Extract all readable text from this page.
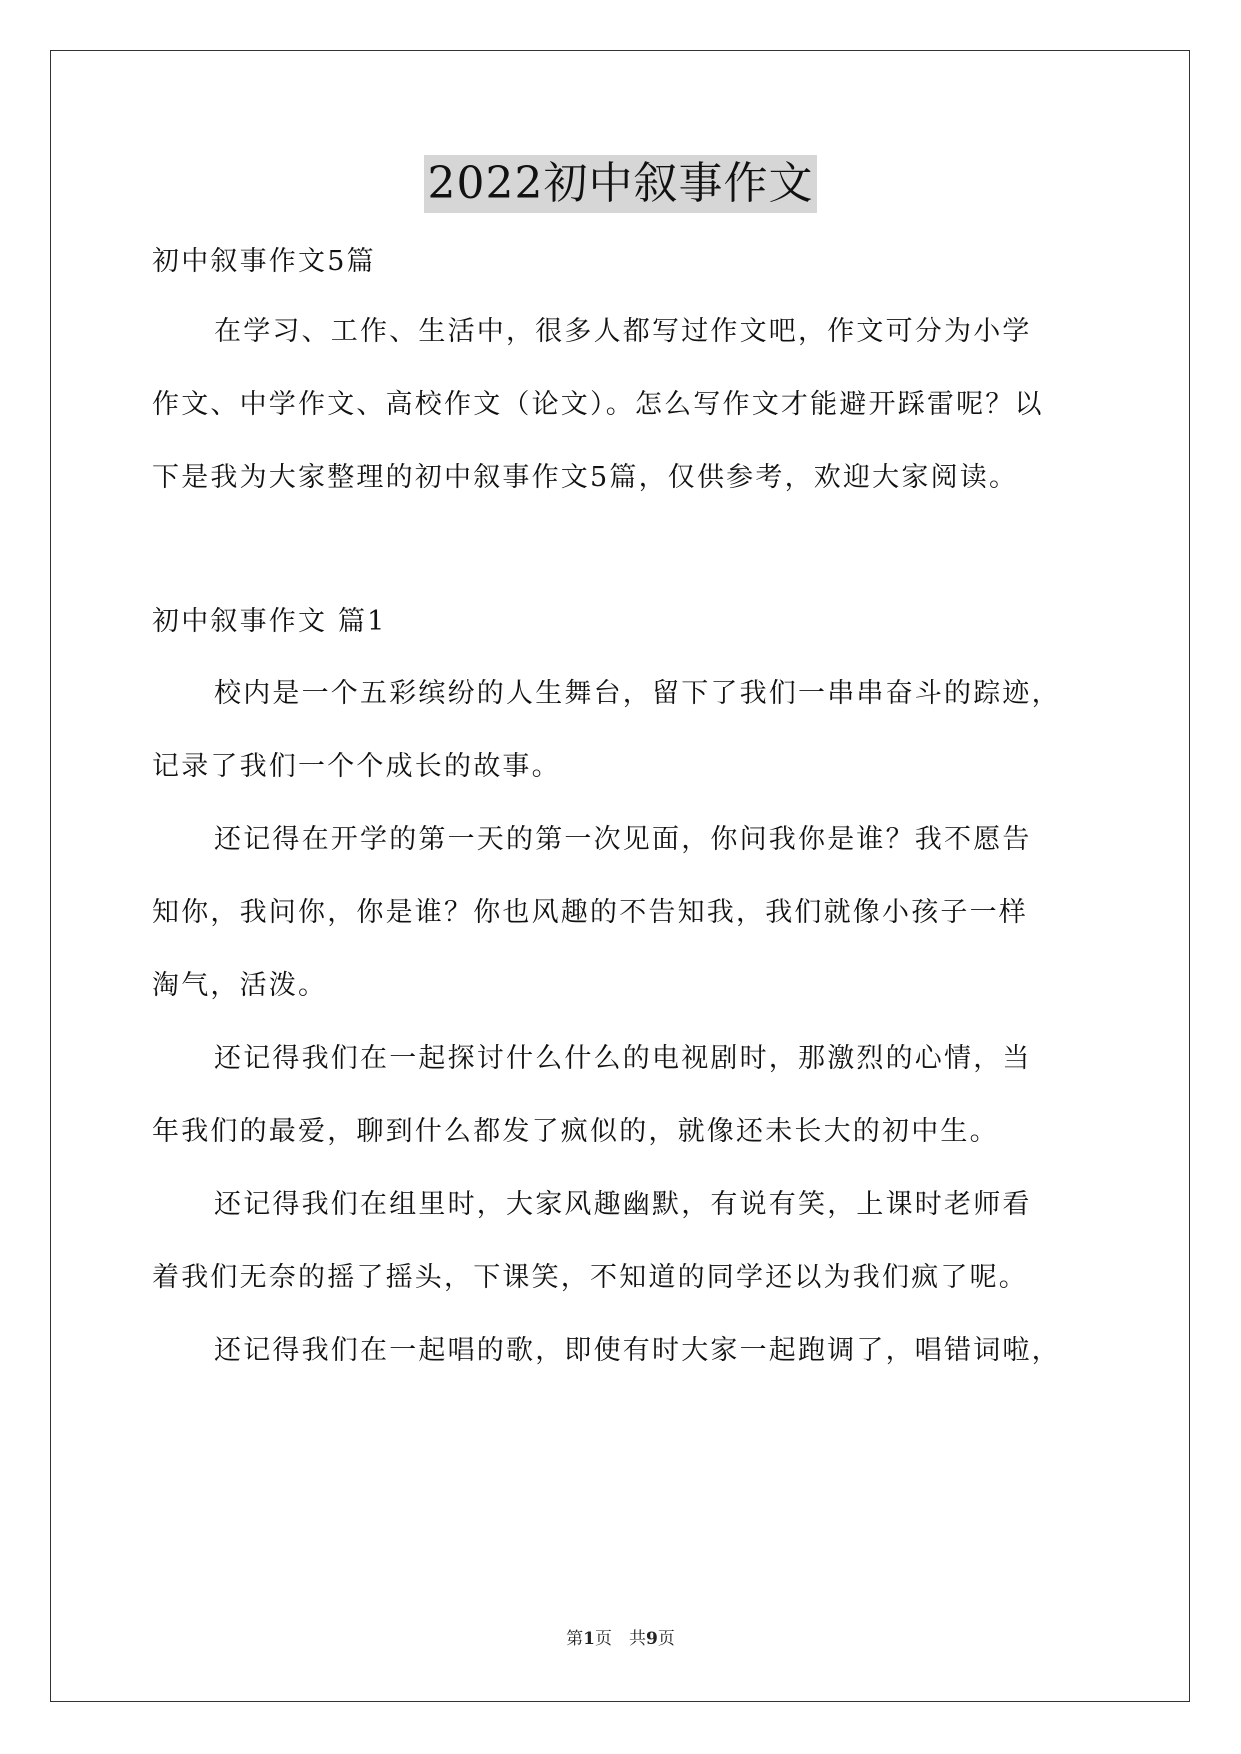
2022初中叙事作文
初中叙事作文5篇
在学习、工作、生活中，很多人都写过作文吧，作文可分为小学
作文、中学作文、高校作文（论文）。怎么写作文才能避开踩雷呢？以
下是我为大家整理的初中叙事作文5篇，仅供参考，欢迎大家阅读。
初中叙事作文 篇1
校内是一个五彩缤纷的人生舞台，留下了我们一串串奋斗的踪迹，
记录了我们一个个成长的故事。
还记得在开学的第一天的第一次见面，你问我你是谁？我不愿告
知你，我问你，你是谁？你也风趣的不告知我，我们就像小孩子一样
淘气，活泼。
还记得我们在一起探讨什么什么的电视剧时，那激烈的心情，当
年我们的最爱，聊到什么都发了疯似的，就像还未长大的初中生。
还记得我们在组里时，大家风趣幽默，有说有笑，上课时老师看
着我们无奈的摇了摇头，下课笑，不知道的同学还以为我们疯了呢。
还记得我们在一起唱的歌，即使有时大家一起跑调了，唱错词啦，
第1页　共9页
